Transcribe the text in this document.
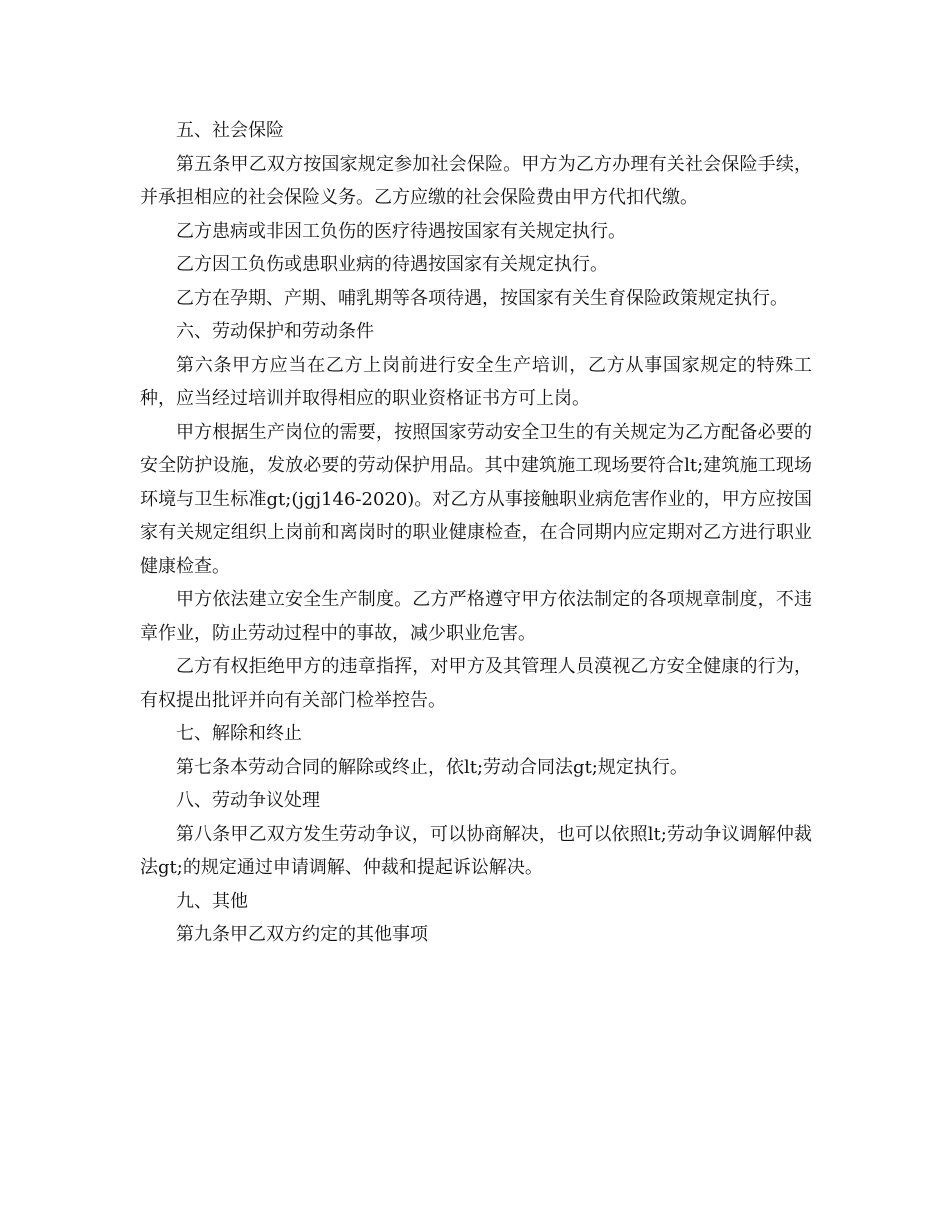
五、社会保险

第五条甲乙双方按国家规定参加社会保险。甲方为乙方办理有关社会保险手续，并承担相应的社会保险义务。乙方应缴的社会保险费由甲方代扣代缴。

乙方患病或非因工负伤的医疗待遇按国家有关规定执行。

乙方因工负伤或患职业病的待遇按国家有关规定执行。

乙方在孕期、产期、哺乳期等各项待遇，按国家有关生育保险政策规定执行。

六、劳动保护和劳动条件

第六条甲方应当在乙方上岗前进行安全生产培训，乙方从事国家规定的特殊工种，应当经过培训并取得相应的职业资格证书方可上岗。

甲方根据生产岗位的需要，按照国家劳动安全卫生的有关规定为乙方配备必要的安全防护设施，发放必要的劳动保护用品。其中建筑施工现场要符合lt;建筑施工现场环境与卫生标准gt;(jgj146-2020)。对乙方从事接触职业病危害作业的，甲方应按国家有关规定组织上岗前和离岗时的职业健康检查，在合同期内应定期对乙方进行职业健康检查。

甲方依法建立安全生产制度。乙方严格遵守甲方依法制定的各项规章制度，不违章作业，防止劳动过程中的事故，减少职业危害。

乙方有权拒绝甲方的违章指挥，对甲方及其管理人员漠视乙方安全健康的行为，有权提出批评并向有关部门检举控告。

七、解除和终止

第七条本劳动合同的解除或终止，依lt;劳动合同法gt;规定执行。

八、劳动争议处理

第八条甲乙双方发生劳动争议，可以协商解决，也可以依照lt;劳动争议调解仲裁法gt;的规定通过申请调解、仲裁和提起诉讼解决。

九、其他

第九条甲乙双方约定的其他事项
